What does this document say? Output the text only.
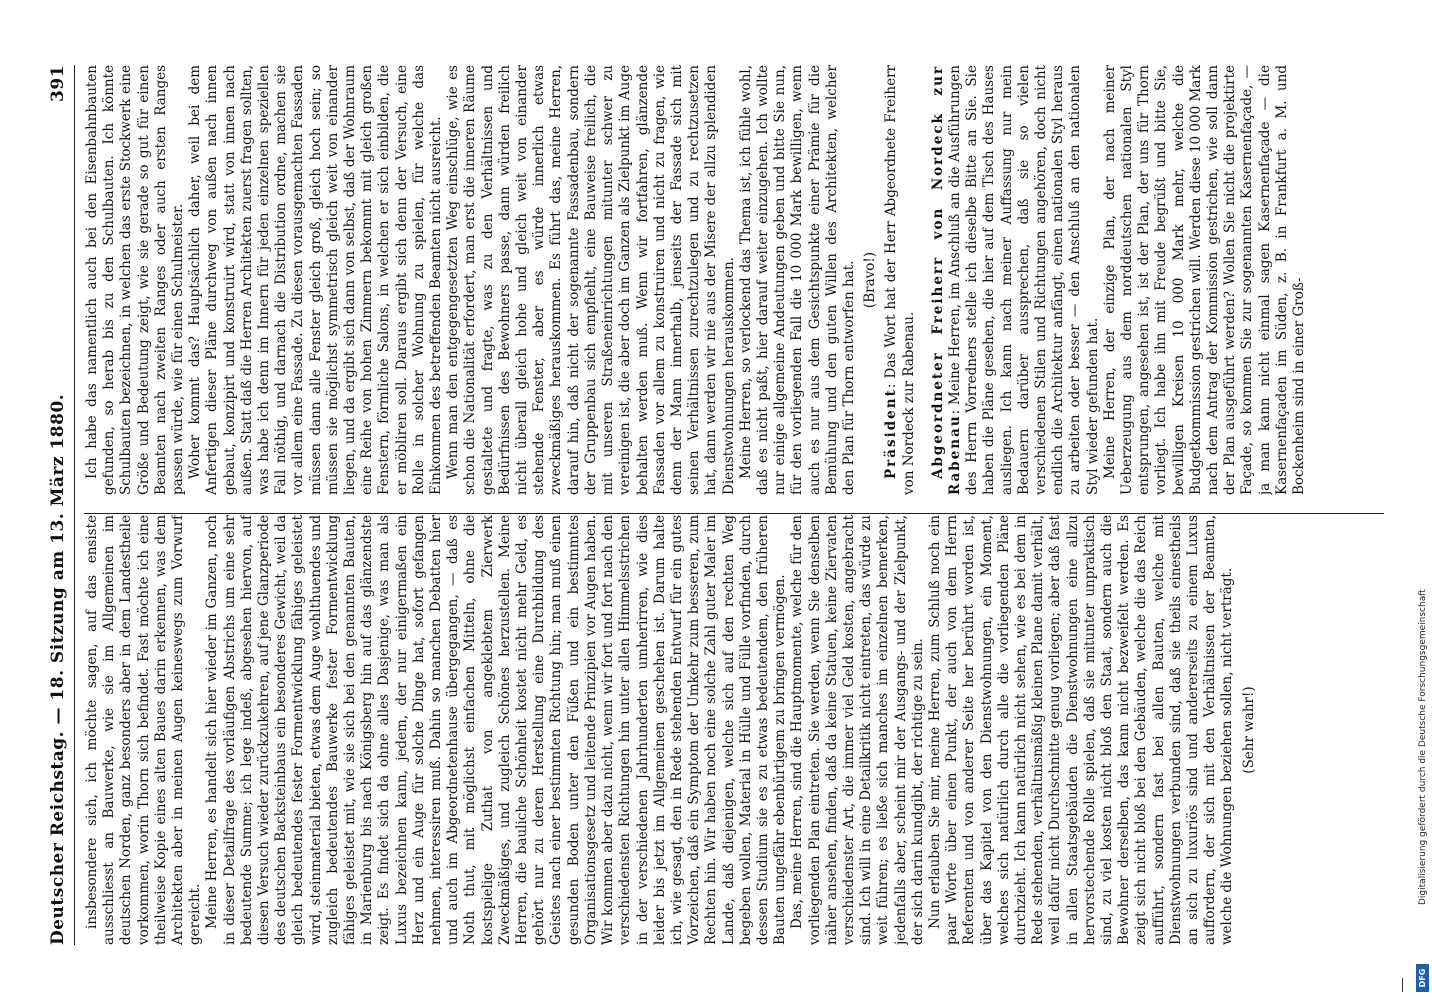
Deutscher Reichstag. — 18. Sitzung am 13. März 1880.
391

insbesondere sich, ich möchte sagen, auf das ensiste ausschliesst an Bauwerke, wie sie im Allgemeinen im deutschen Norden, ganz besonders aber in dem Landestheile vorkommen, worin Thorn sich befindet. Fast möchte ich eine theilweise Kopie eines alten Baues darin erkennen, was dem Architekten aber in meinen Augen keineswegs zum Vorwurf gereicht. Meine Herren, es handelt sich hier wieder im Ganzen, noch in dieser Detailfrage des vorläufigen Abstrichs um eine sehr bedeutende Summe; ich lege indeß, abgesehen hiervon, auf diesen Versuch wieder zurückzukehren, auf jene Glanzperiode des deutschen Backsteinbaus ein besonderes Gewicht, weil da gleich bedeutendes fester Formentwicklung fähiges geleistet wird, steinmaterial bieten, etwas dem Auge wohlthuendes und zugleich bedeutendes Bauwerke fester Formentwicklung fähiges geleistet mit, wie sie sich bei den genannten Bauten, in Marienburg bis nach Königsberg hin auf das glänzendste zeigt. Es findet sich da ohne alles Dasjenige, was man als Luxus bezeichnen kann, jedem, der nur einigermaßen ein Herz und ein Auge für solche Dinge hat, sofort gefangen nehmen, interessiren muß. Dahin so manchen Debatten hier und auch im Abgeordnetenhause übergegangen, — daß es Noth thut, mit möglichst einfachen Mitteln, ohne die kostspielige Zuthat von angeklebtem Zierwerk Zweckmäßiges, und zugleich Schönes herzustellen. Meine Herren, die bauliche Schönheit kostet nicht mehr Geld, es gehört nur zu deren Herstellung eine Durchbildung des Geistes nach einer bestimmten Richtung hin; man muß einen gesunden Boden unter den Füßen und ein bestimmtes Organisationsgesetz und leitende Prinzipien vor Augen haben. Wir kommen aber dazu nicht, wenn wir fort und fort nach den verschiedensten Richtungen hin unter allen Himmelsstrichen in der verschiedenen Jahrhunderten umherirren, wie dies leider bis jetzt im Allgemeinen geschehen ist. Darum halte ich, wie gesagt, den in Rede stehenden Entwurf für ein gutes Vorzeichen, daß ein Symptom der Umkehr zum besseren, zum Rechten hin. Wir haben noch eine solche Zahl guter Maler im Lande, daß diejenigen, welche sich auf den rechten Weg begeben wollen, Material in Hülle und Fülle vorfinden, durch dessen Studium sie es zu etwas bedeutendem, den früheren Bauten ungefähr ebenbürtigem zu bringen vermögen. Das, meine Herren, sind die Hauptmomente, welche für den vorliegenden Plan eintreten. Sie werden, wenn Sie denselben näher ansehen, finden, daß da keine Statuen, keine Ziervaten verschiedenster Art, die immer viel Geld kosten, angebracht sind. Ich will in eine Detailkritik nicht eintreten, das würde zu weit führen; es ließe sich manches im einzelnen bemerken, jedenfalls aber, scheint mir der Ausgangs- und der Zielpunkt, der sich darin kundgibt, der richtige zu sein. Nun erlauben Sie mir, meine Herren, zum Schluß noch ein paar Worte über einen Punkt, der auch von dem Herrn Referenten und von anderer Seite her berührt worden ist, über das Kapitel von den Dienstwohnungen, ein Moment, welches sich natürlich durch alle die vorliegenden Pläne durchzieht. Ich kann natürlich nicht sehen, wie es bei dem in Rede stehenden, verhältnismäßig kleinen Plane damit verhält, weil dafür nicht Durchschnitte genug vorliegen; aber daß fast in allen Staatsgebäuden die Dienstwohnungen eine allzu hervorstechende Rolle spielen, daß sie mitunter unpraktisch sind, zu viel kosten nicht bloß den Staat, sondern auch die Bewohner derselben, das kann nicht bezweifelt werden. Es zeigt sich nicht bloß bei den Gebäuden, welche die das Reich aufführt, sondern fast bei allen Bauten, welche mit Dienstwohnungen verbunden sind, daß sie theils einestheils an sich zu luxuriös sind und andererseits zu einem Luxus auffordern, der sich mit den Verhältnissen der Beamten, welche die Wohnungen beziehen sollen, nicht verträgt. (Sehr wahr!)

Ich habe das namentlich auch bei den Eisenbahnbauten gefunden, so herab bis zu den Schulbauten. Ich könnte Schulbauten bezeichnen, in welchen das erste Stockwerk eine Größe und Bedeutung zeigt, wie sie gerade so gut für einen Beamten nach zweiten Ranges oder auch ersten Ranges passen würde, wie für einen Schulmeister. Woher kommt das? Hauptsächlich daher, weil bei dem Anfertigen dieser Pläne durchweg von außen nach innen gebaut, konzipirt und konstruirt wird, statt von innen nach außen. Statt daß die Herren Architekten zuerst fragen sollten, was habe ich denn im Innern für jeden einzelnen speziellen Fall nöthig, und darnach die Distribution ordne, machen sie vor allem eine Fassade. Zu diesen vorausgemachten Fassaden müssen dann alle Fenster gleich groß, gleich hoch sein; so müssen sie möglichst symmetrisch gleich weit von einander liegen, und da ergibt sich dann von selbst, daß der Wohnraum eine Reihe von hohen Zimmern bekommt mit gleich großen Fenstern, förmliche Salons, in welchen er sich einbilden, die er möbliren soll. Daraus ergibt sich denn der Versuch, eine Rolle in solcher Wohnung zu spielen, für welche das Einkommen des betreffenden Beamten nicht ausreicht. Wenn man den entgegengesetzten Weg einschlüge, wie es schon die Nationalität erfordert, man erst die inneren Räume gestaltete und fragte, was zu den Verhältnissen und Bedürfnissen des Bewohners passe, dann würden freilich nicht überall gleich hohe und gleich weit von einander stehende Fenster, aber es würde innerlich etwas zweckmäßiges herauskommen. Es führt das, meine Herren, darauf hin, daß nicht der sogenannte Fassadenbau, sondern der Gruppenbau sich empfiehlt, eine Bauweise freilich, die mit unseren Straßeneinrichtungen mitunter schwer zu vereinigen ist, die aber doch im Ganzen als Zielpunkt im Auge behalten werden muß. Wenn wir fortfahren, glänzende Fassaden vor allem zu konstruiren und nicht zu fragen, wie denn der Mann innerhalb, jenseits der Fassade sich mit seinen Verhältnissen zurechtzulegen und zu rechtzusetzen hat, dann werden wir nie aus der Misere der allzu splendiden Dienstwohnungen herauskommen. Meine Herren, so verlockend das Thema ist, ich fühle wohl, daß es nicht paßt, hier darauf weiter einzugehen. Ich wollte nur einige allgemeine Andeutungen geben und bitte Sie nun, für den vorliegenden Fall die 10 000 Mark bewilligen, wenn auch es nur aus dem Gesichtspunkte einer Prämie für die Bemühung und den guten Willen des Architekten, welcher den Plan für Thorn entworfen hat. (Bravo!)

Präsident: Das Wort hat der Herr Abgeordnete Freiherr von Nordeck zur Rabenau. Abgeordneter Freiherr von Nordeck zur Rabenau: Meine Herren, im Anschluß an die Ausführungen des Herrn Vorredners stelle ich dieselbe Bitte an Sie. Sie haben die Pläne gesehen, die hier auf dem Tisch des Hauses ausliegen. Ich kann nach meiner Auffassung nur mein Bedauern darüber aussprechen, daß sie so vielen verschiedenen Stilen und Richtungen angehören, doch nicht endlich die Architektur anfängt, einen nationalen Styl heraus zu arbeiten oder besser — den Anschluß an den nationalen Styl wieder gefunden hat. Meine Herren, der einzige Plan, der nach meiner Ueberzeugung aus dem norddeutschen nationalen Styl entsprungen, angesehen ist, ist der Plan, der uns für Thorn vorliegt. Ich habe ihn mit Freude begrüßt und bitte Sie, bewilligen Kreisen 10 000 Mark mehr, welche die Budgetkommission gestrichen will. Werden diese 10 000 Mark nach dem Antrag der Kommission gestrichen, wie soll dann der Plan ausgeführt werden? Wollen Sie nicht die projektirte Façade, so kommen Sie zur sogenannten Kasernenfaçade, — ja man kann nicht einmal sagen Kasernenfaçade — die Kasernenfaçaden im Süden, z. B. in Frankfurt a. M. und Bockenheim sind in einer Groß-

DFG
Digitalisierung gefördert durch die Deutsche Forschungsgemeinschaft
